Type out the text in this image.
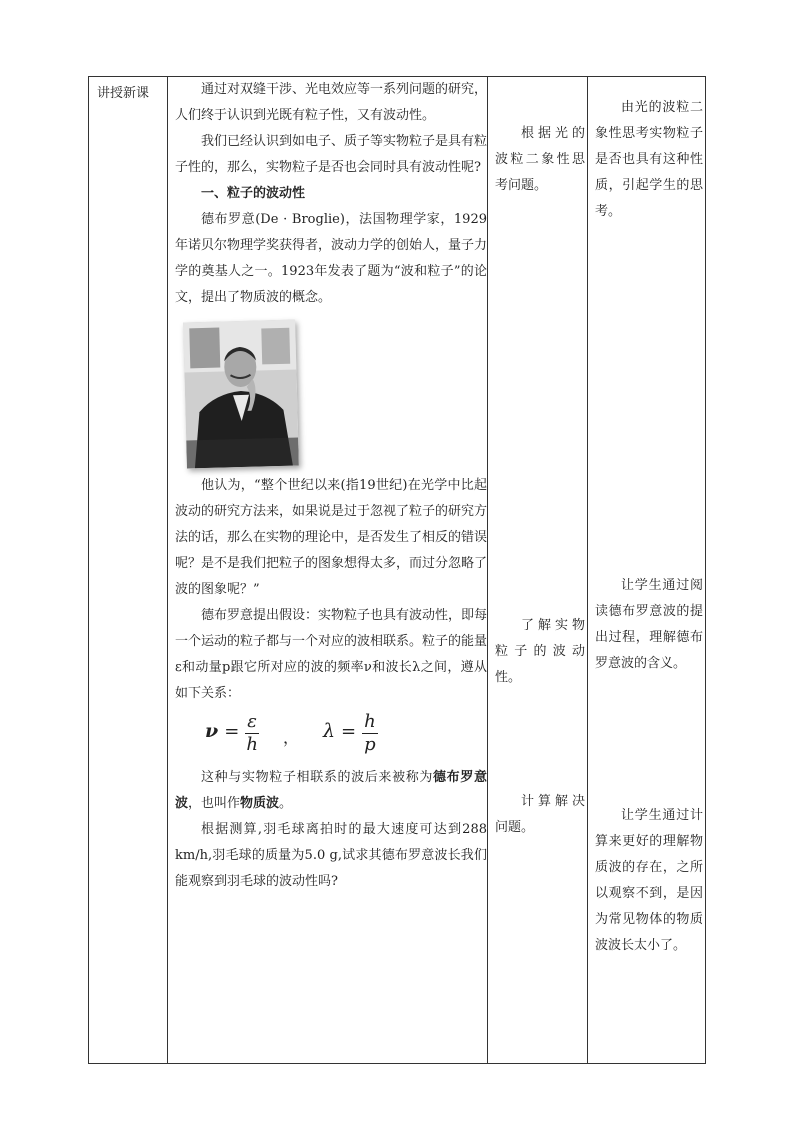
讲授新课	通过对双缝干涉、光电效应等一系列问题的研究，人们终于认识到光既有粒子性，又有波动性。

我们已经认识到如电子、质子等实物粒子是具有粒子性的，那么，实物粒子是否也会同时具有波动性呢?

一、粒子的波动性

德布罗意(De · Broglie)，法国物理学家，1929年诺贝尔物理学奖获得者，波动力学的创始人，量子力学的奠基人之一。1923年发表了题为“波和粒子”的论文，提出了物质波的概念。

他认为，“整个世纪以来(指19世纪)在光学中比起波动的研究方法来，如果说是过于忽视了粒子的研究方法的话，那么在实物的理论中，是否发生了相反的错误呢？是不是我们把粒子的图象想得太多，而过分忽略了波的图象呢？”

德布罗意提出假设：实物粒子也具有波动性，即每一个运动的粒子都与一个对应的波相联系。粒子的能量ε和动量p跟它所对应的波的频率ν和波长λ之间，遵从如下关系：

$\nu = \frac{\varepsilon}{h}$ ， $\lambda = \frac{h}{p}$

这种与实物粒子相联系的波后来被称为德布罗意波，也叫作物质波。

根据测算,羽毛球离拍时的最大速度可达到288 km/h,羽毛球的质量为5.0 g,试求其德布罗意波长我们能观察到羽毛球的波动性吗?

根据光的波粒二象性思考问题。

了解实物粒子的波动性。

计算解决问题。

由光的波粒二象性思考实物粒子是否也具有这种性质，引起学生的思考。

让学生通过阅读德布罗意波的提出过程，理解德布罗意波的含义。

让学生通过计算来更好的理解物质波的存在，之所以观察不到，是因为常见物体的物质波波长太小了。
